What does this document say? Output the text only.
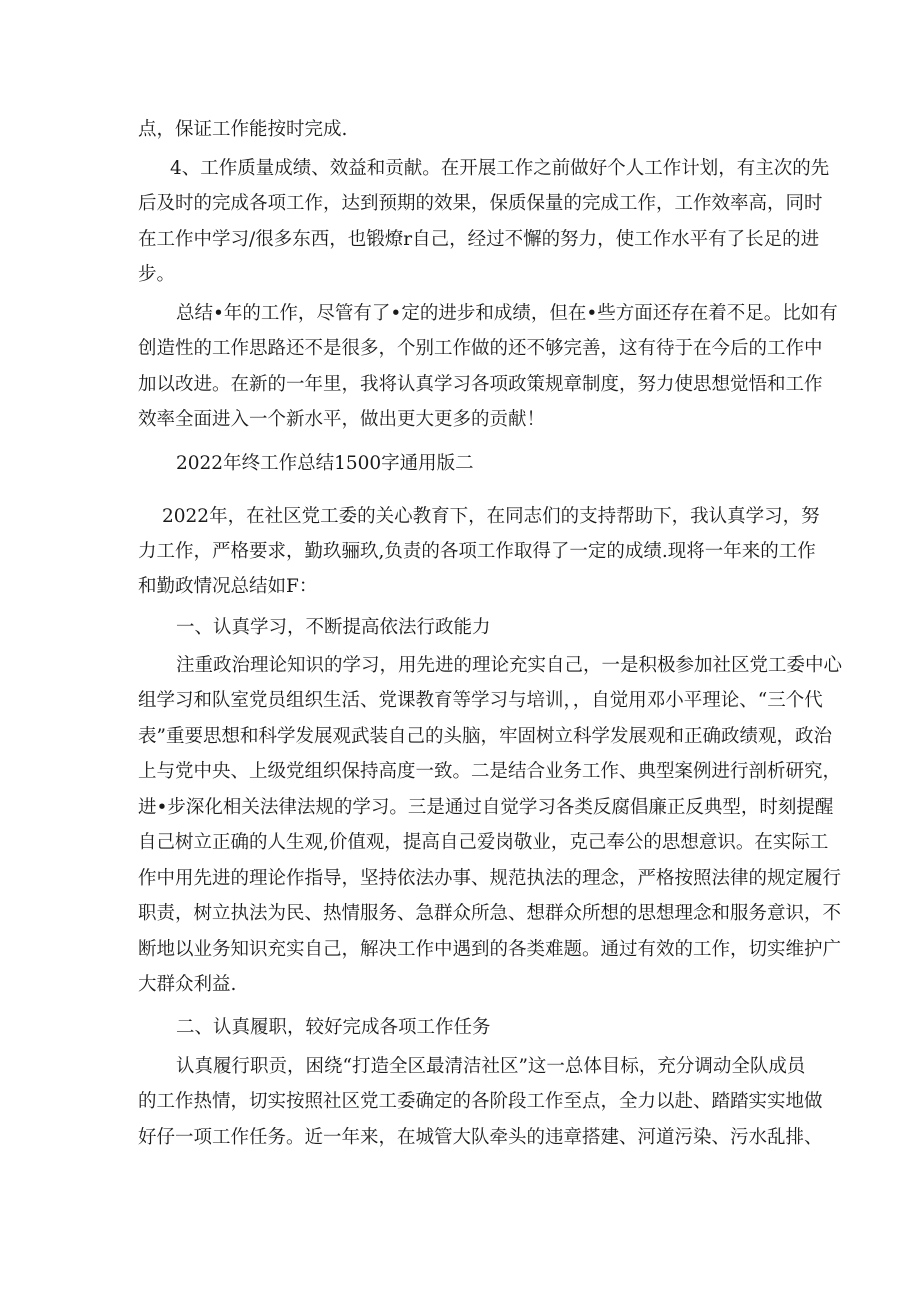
点，保证工作能按时完成.
4、工作质量成绩、效益和贡献。在开展工作之前做好个人工作计划，有主次的先
后及时的完成各项工作，达到预期的效果，保质保量的完成工作，工作效率高，同时
在工作中学习/很多东西，也锻燎r自己，经过不懈的努力，使工作水平有了长足的进
步。
总结•年的工作，尽管有了•定的进步和成绩，但在•些方面还存在着不足。比如有
创造性的工作思路还不是很多，个别工作做的还不够完善，这有待于在今后的工作中
加以改进。在新的一年里，我将认真学习各项政策规章制度，努力使思想觉悟和工作
效率全面进入一个新水平，做出更大更多的贡献！
2022年终工作总结1500字通用版二
2022年，在社区党工委的关心教育下，在同志们的支持帮助下，我认真学习，努
力工作，严格要求，勤玖骊玖,负责的各项工作取得了一定的成绩.现将一年来的工作
和勤政情况总结如F：
一、认真学习，不断提高依法行政能力
注重政治理论知识的学习，用先进的理论充实自己，一是积极参加社区党工委中心
组学习和队室党员组织生活、党课教育等学习与培训，，自觉用邓小平理论、“三个代
表”重要思想和科学发展观武装自己的头脑，牢固树立科学发展观和正确政绩观，政治
上与党中央、上级党组织保持高度一致。二是结合业务工作、典型案例进行剖析研究，
进•步深化相关法律法规的学习。三是通过自觉学习各类反腐倡廉正反典型，时刻提醒
自己树立正确的人生观,价值观，提高自己爱岗敬业，克己奉公的思想意识。在实际工
作中用先进的理论作指导，坚持依法办事、规范执法的理念，严格按照法律的规定履行
职责，树立执法为民、热情服务、急群众所急、想群众所想的思想理念和服务意识，不
断地以业务知识充实自己，解决工作中遇到的各类难题。通过有效的工作，切实维护广
大群众利益.
二、认真履职，较好完成各项工作任务
认真履行职贡，困绕“打造全区最清洁社区”这一总体目标，充分调动全队成员
的工作热情，切实按照社区党工委确定的各阶段工作至点，全力以赴、踏踏实实地做
好仔一项工作任务。近一年来，在城管大队牵头的违章搭建、河道污染、污水乱排、
